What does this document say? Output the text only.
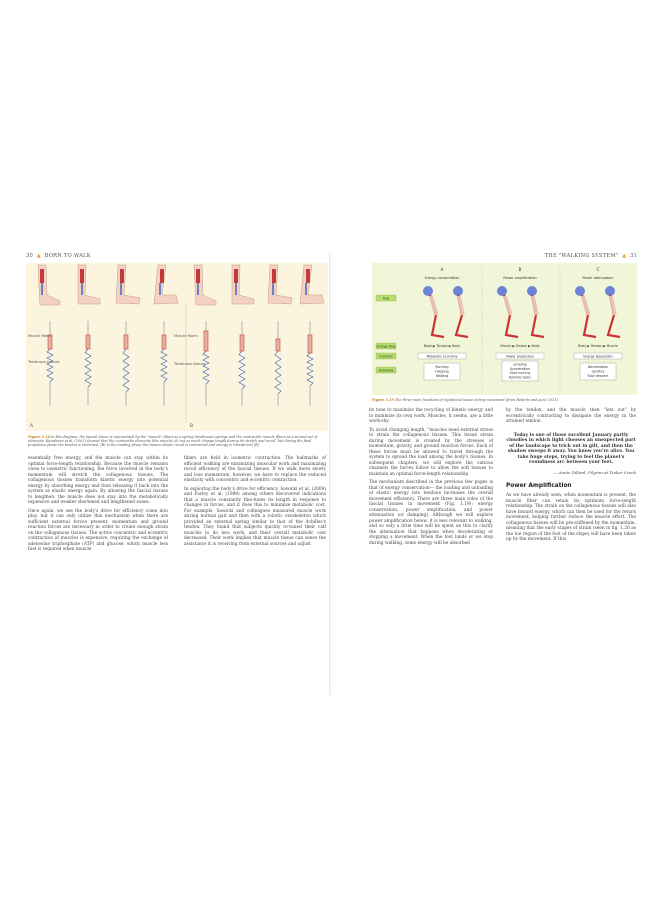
30  ▲  BORN TO WALK
Muscle fibers
Tendinous tissues
Muscle fibers
Tendinous tissues
A	B
Figure 1.18 In this diagram, the fascial tissue is represented by the "muscle" fibers as a spring (tendinous) springs and the contractile muscle fibers as a second set of elements. Kawakami et al. (2002) showed that the contractile elements (the muscle) do not so much change length during its stretch and recoil, but during the final propulsive phase the tendon is stretched. (B) in the loading phase the tissues elastic recoil is contracted and energy is transferred (B).

essentially free energy, and the muscle can stay within its optimal force-length relationship. Because the muscle remains close to isometric functioning, the force involved in the body's momentum will stretch the collagenous tissues. The collagenous tissues transform kinetic energy into potential energy by absorbing energy and then releasing it back into the system as elastic energy again. By allowing the fascial tissues to lengthen, the muscle does not stay into the metabolically expensive and weaker shortened and lengthened zones.

Once again, we see the body's drive for efficiency come into play, but it can only utilize this mechanism when there are sufficient external forces present: momentum and ground reaction forces are necessary in order to create enough strain on the collagenous tissues. The active concentric and eccentric contraction of muscles is expensive, requiring the exchange of adenosine triphosphate (ATP) and glucose, which muscle less fuel is required when muscle

fibers are held in isometric contraction. The hallmarks of efficient walking are minimizing muscular work and maximizing recoil efficiency of the fascial tissues. If we walk more slowly and lose momentum, however, we have to replace the reduced elasticity with concentric and eccentric contraction.

In exploring the body's drive for efficiency, Sawicki et al. (2009) and Farley et al. (1998) among others discovered indications that a muscle constantly fine-tunes its length in response to changes in forces, and it does this to minimize metabolic cost. For example, Sawicki and colleagues measured muscle work during normal gait and then with a robotic exoskeleton which provided an external spring similar to that of the Achilles's tendon. They found that subjects quickly re-tuned their calf muscles to do less work, and their overall metabolic cost decreased. Their work implies that muscle tissue can sense the assistance it is receiving from external sources and adjust

THE "WALKING SYSTEM"  ▲  31
A	B	C
Energy conservation	Power amplification	Power attenuation
Trial
Energy flow
Function
Activities
Body ▶ Tendon ▶ Body	Muscle ▶ Tendon ▶ Body	Body ▶ Tendon ▶ Muscle
Metabolic economy	Power production	Energy absorption
Running
Hopping
Walking
Jumping
Acceleration
Stair running
Ballistic tasks
Deceleration
Landing
Stair descent
Figure 1.19 The three main functions of myofascial tissue during movement (from Roberts and Azizi 2011).

its tone to maximize the recycling of kinetic energy and to minimize its own work. Muscles, it seems, are a little work-shy.

To avoid changing length, "muscles need external stress to strain the collagenous tissues. This tissue strain during movement is created by the stresses of momentum, gravity, and ground reaction forces. Each of these forces must be allowed to travel through the system to spread the load among the body's tissues. In subsequent chapters, we will explore the various channels the forces follow to allow the soft tissues to maintain an optimal force-length relationship.

The mechanism described in the previous few pages is that of energy conservation— the loading and unloading of elastic energy into tendons increases the overall movement efficiency. There are three main roles of the fascial tissues in movement (Fig. 1.19): energy conservation, power amplification, and power attenuation (or damping). Although we will explore power amplification below, it is less relevant to walking, and so only a little time will be spent on this to clarify the attenuation that happens when decelerating or stopping a movement. When the foot lands or we stop during walking, some energy will be absorbed

by the tendon, and the muscle then "lets out" by eccentrically contracting to dissipate the energy in the strained tendon.

Today is one of those excellent January partly cloudies in which light chooses an unexpected part of the landscape to trick out in gilt, and then the shadow sweeps it away. You know you're alive. You take huge steps, trying to feel the planet's roundness arc between your feet.
— Annie Dillard, Pilgrim at Tinker Creek
Power Amplification

As we have already seen, when momentum is present, the muscle fiber can retain its optimum force-length relationship. The strain on the collagenous tissues will also have inward energy, which can then be used for the return movement, helping further reduce the muscle effort. The collagenous tissues will be pre-stiffened by the momentum, meaning that the early stages of strain (seen in fig. 1.20 as the toe region of the foot of the slope) will have been taken up by the movement. If this
